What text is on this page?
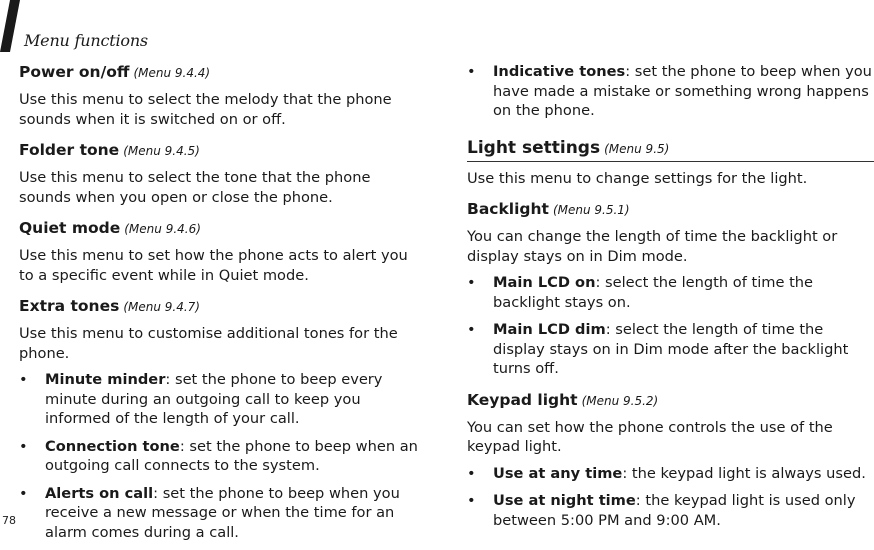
Menu functions
78
Power on/off (Menu 9.4.4)

Use this menu to select the melody that the phone sounds when it is switched on or off.

Folder tone (Menu 9.4.5)

Use this menu to select the tone that the phone sounds when you open or close the phone.

Quiet mode (Menu 9.4.6)

Use this menu to set how the phone acts to alert you to a specific event while in Quiet mode.

Extra tones (Menu 9.4.7)

Use this menu to customise additional tones for the phone.

• Minute minder: set the phone to beep every minute during an outgoing call to keep you informed of the length of your call.
• Connection tone: set the phone to beep when an outgoing call connects to the system.
• Alerts on call: set the phone to beep when you receive a new message or when the time for an alarm comes during a call.
• Indicative tones: set the phone to beep when you have made a mistake or something wrong happens on the phone.
Light settings (Menu 9.5)

Use this menu to change settings for the light.

Backlight (Menu 9.5.1)

You can change the length of time the backlight or display stays on in Dim mode.

• Main LCD on: select the length of time the backlight stays on.
• Main LCD dim: select the length of time the display stays on in Dim mode after the backlight turns off.
Keypad light (Menu 9.5.2)

You can set how the phone controls the use of the keypad light.

• Use at any time: the keypad light is always used.
• Use at night time: the keypad light is used only between 5:00 PM and 9:00 AM.
